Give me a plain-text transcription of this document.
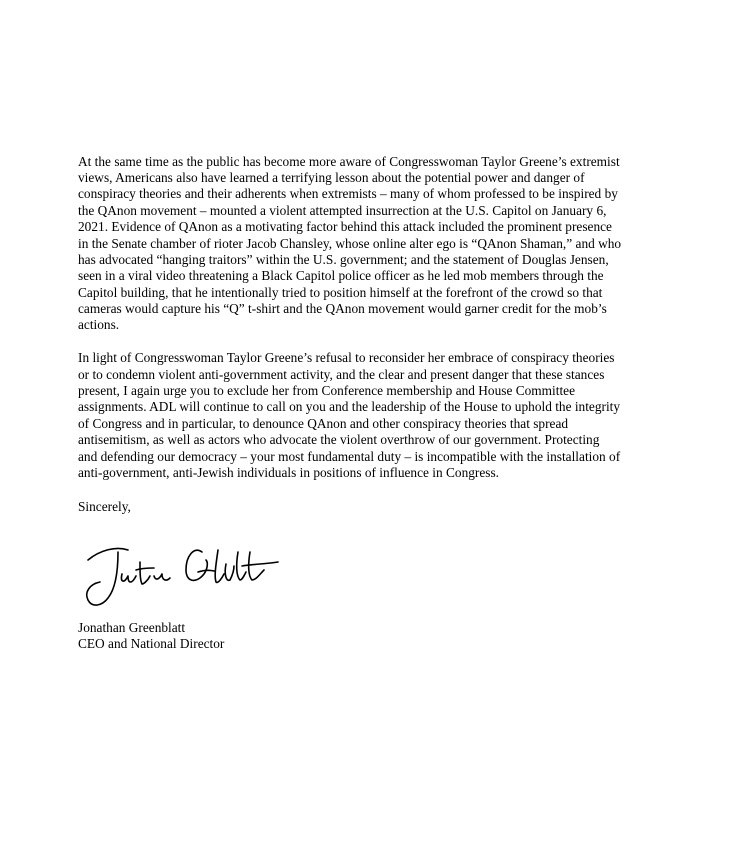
At the same time as the public has become more aware of Congresswoman Taylor Greene’s extremist
views, Americans also have learned a terrifying lesson about the potential power and danger of
conspiracy theories and their adherents when extremists – many of whom professed to be inspired by
the QAnon movement – mounted a violent attempted insurrection at the U.S. Capitol on January 6,
2021. Evidence of QAnon as a motivating factor behind this attack included the prominent presence
in the Senate chamber of rioter Jacob Chansley, whose online alter ego is “QAnon Shaman,” and who
has advocated “hanging traitors” within the U.S. government; and the statement of Douglas Jensen,
seen in a viral video threatening a Black Capitol police officer as he led mob members through the
Capitol building, that he intentionally tried to position himself at the forefront of the crowd so that
cameras would capture his “Q” t-shirt and the QAnon movement would garner credit for the mob’s
actions.
In light of Congresswoman Taylor Greene’s refusal to reconsider her embrace of conspiracy theories
or to condemn violent anti-government activity, and the clear and present danger that these stances
present, I again urge you to exclude her from Conference membership and House Committee
assignments. ADL will continue to call on you and the leadership of the House to uphold the integrity
of Congress and in particular, to denounce QAnon and other conspiracy theories that spread
antisemitism, as well as actors who advocate the violent overthrow of our government. Protecting
and defending our democracy – your most fundamental duty – is incompatible with the installation of
anti-government, anti-Jewish individuals in positions of influence in Congress.
Sincerely,
Jonathan Greenblatt
CEO and National Director
